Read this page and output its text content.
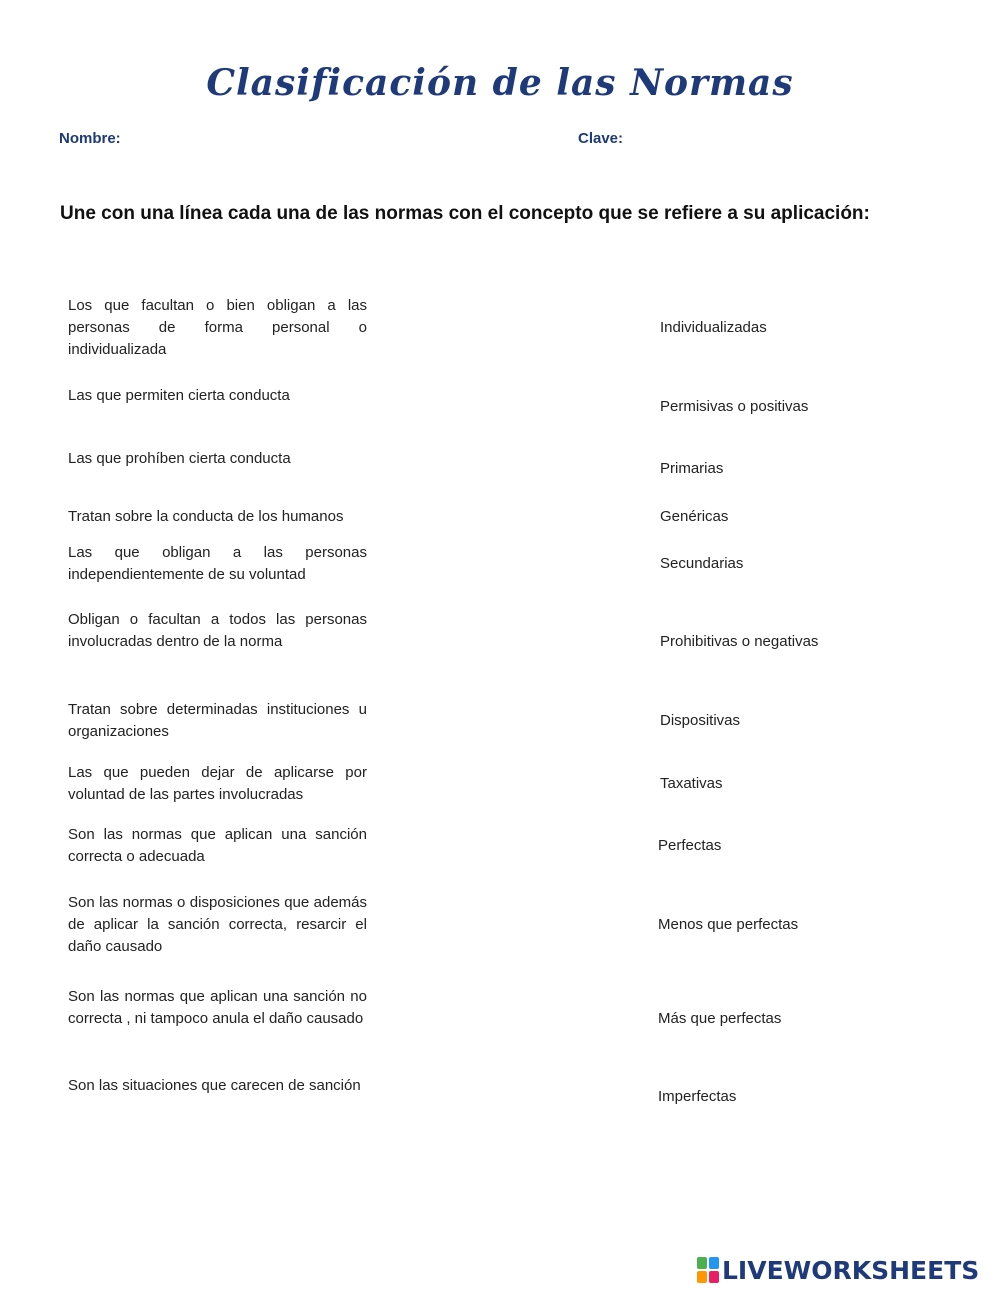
Clasificación de las Normas
Nombre:	Clave:
Une con una línea cada una de las normas con el concepto que se refiere a su aplicación:
Los que facultan o bien obligan a las personas de forma personal o individualizada
Las que permiten cierta conducta
Las que prohíben cierta conducta
Tratan sobre la conducta de los humanos
Las que obligan a las personas independientemente de su voluntad
Obligan o facultan a todos las personas involucradas dentro de la norma
Tratan sobre determinadas instituciones u organizaciones
Las que pueden dejar de aplicarse por voluntad de las partes involucradas
Son las normas que aplican una sanción correcta o adecuada
Son las normas o disposiciones que además de aplicar la sanción correcta, resarcir el daño causado
Son las normas que aplican una sanción no correcta , ni tampoco anula el daño causado
Son las situaciones que carecen de sanción
Individualizadas
Permisivas o positivas
Primarias
Genéricas
Secundarias
Prohibitivas o negativas
Dispositivas
Taxativas
Perfectas
Menos que perfectas
Más que perfectas
Imperfectas
LIVEWORKSHEETS
